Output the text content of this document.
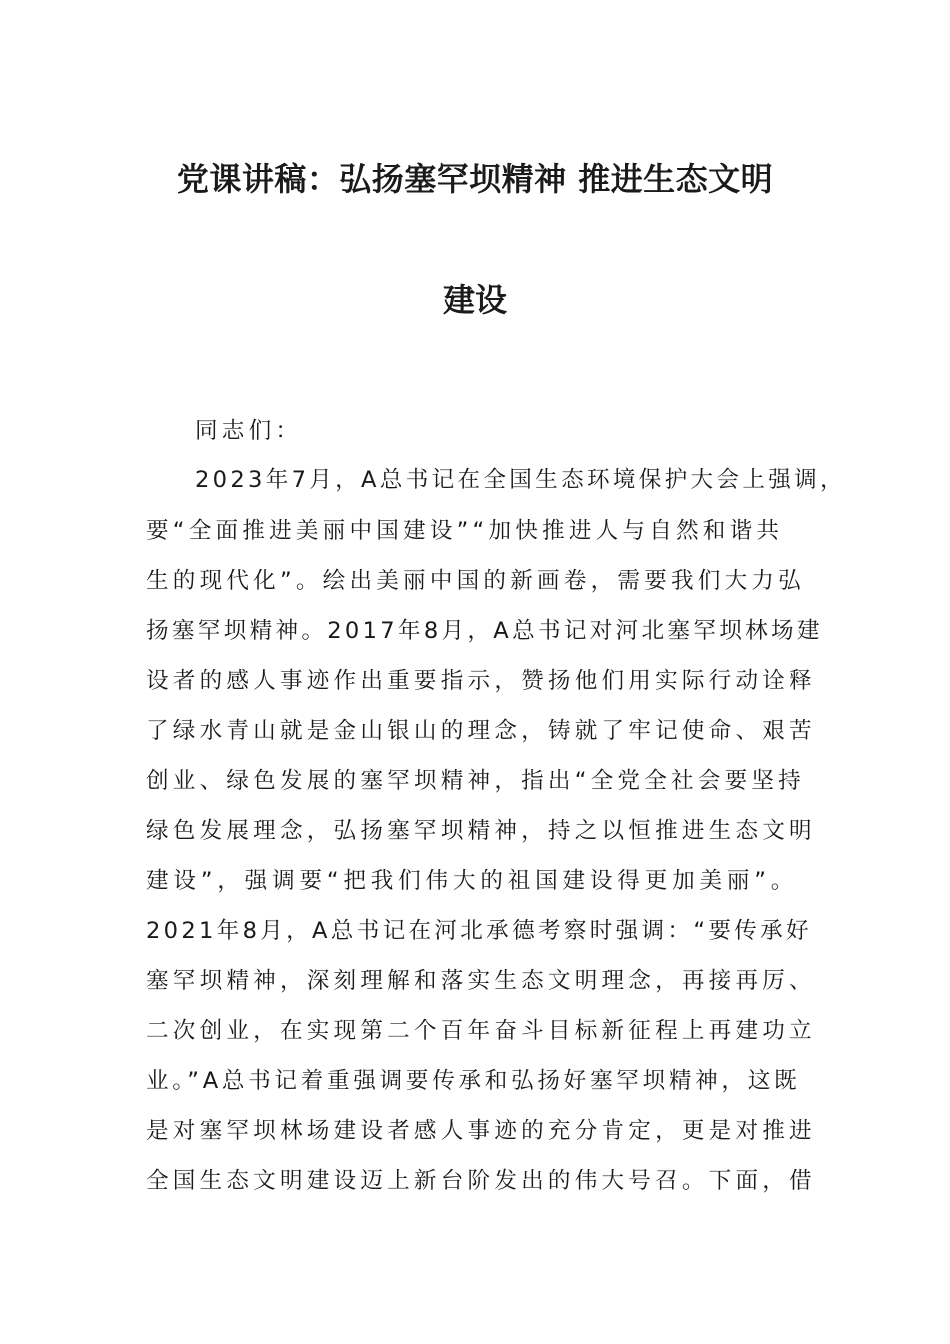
党课讲稿：弘扬塞罕坝精神 推进生态文明
建设
同志们：
2023年7月，A总书记在全国生态环境保护大会上强调，
要“全面推进美丽中国建设”“加快推进人与自然和谐共
生的现代化”。绘出美丽中国的新画卷，需要我们大力弘
扬塞罕坝精神。2017年8月，A总书记对河北塞罕坝林场建
设者的感人事迹作出重要指示，赞扬他们用实际行动诠释
了绿水青山就是金山银山的理念，铸就了牢记使命、艰苦
创业、绿色发展的塞罕坝精神，指出“全党全社会要坚持
绿色发展理念，弘扬塞罕坝精神，持之以恒推进生态文明
建设”，强调要“把我们伟大的祖国建设得更加美丽”。
2021年8月，A总书记在河北承德考察时强调：“要传承好
塞罕坝精神，深刻理解和落实生态文明理念，再接再厉、
二次创业，在实现第二个百年奋斗目标新征程上再建功立
业。”A总书记着重强调要传承和弘扬好塞罕坝精神，这既
是对塞罕坝林场建设者感人事迹的充分肯定，更是对推进
全国生态文明建设迈上新台阶发出的伟大号召。下面，借
